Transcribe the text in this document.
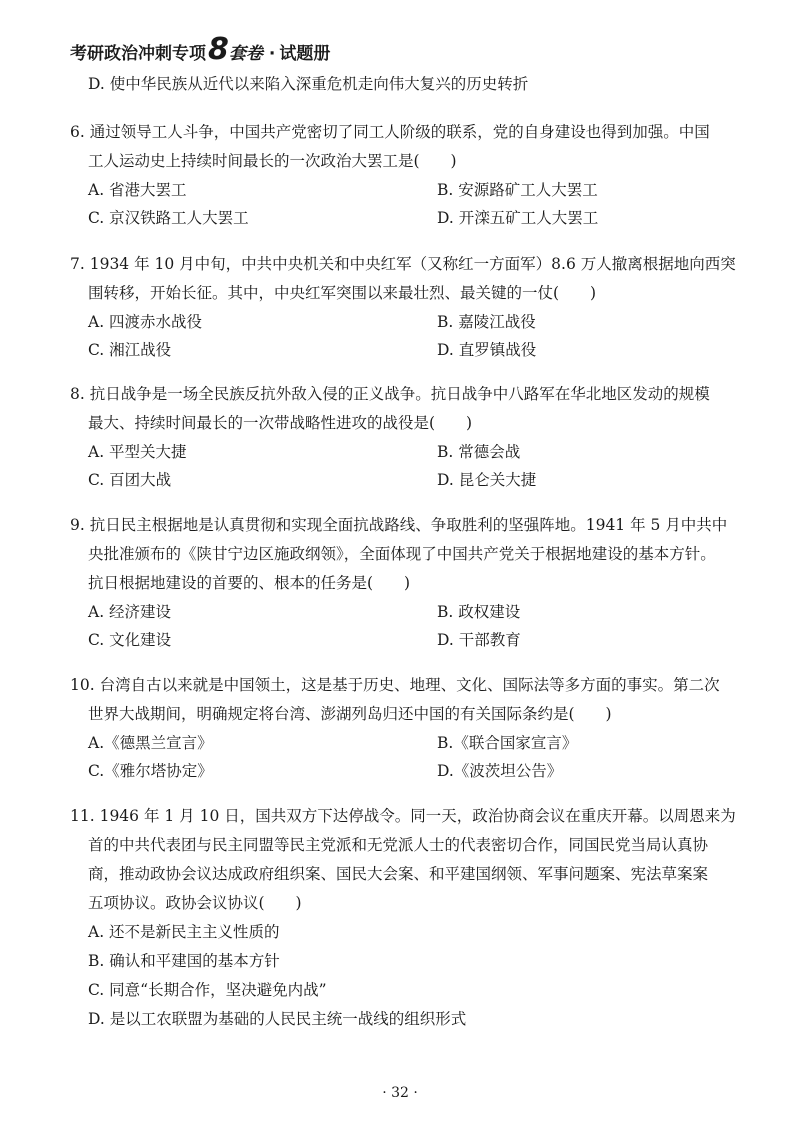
考研政治冲刺专项 8 套卷 · 试题册
D. 使中华民族从近代以来陷入深重危机走向伟大复兴的历史转折
6. 通过领导工人斗争，中国共产党密切了同工人阶级的联系，党的自身建设也得到加强。中国
工人运动史上持续时间最长的一次政治大罢工是(　　)
A. 省港大罢工	B. 安源路矿工人大罢工
C. 京汉铁路工人大罢工	D. 开滦五矿工人大罢工
7. 1934 年 10 月中旬，中共中央机关和中央红军（又称红一方面军）8.6 万人撤离根据地向西突
围转移，开始长征。其中，中央红军突围以来最壮烈、最关键的一仗(　　)
A. 四渡赤水战役	B. 嘉陵江战役
C. 湘江战役	D. 直罗镇战役
8. 抗日战争是一场全民族反抗外敌入侵的正义战争。抗日战争中八路军在华北地区发动的规模
最大、持续时间最长的一次带战略性进攻的战役是(　　)
A. 平型关大捷	B. 常德会战
C. 百团大战	D. 昆仑关大捷
9. 抗日民主根据地是认真贯彻和实现全面抗战路线、争取胜利的坚强阵地。1941 年 5 月中共中
央批准颁布的《陕甘宁边区施政纲领》，全面体现了中国共产党关于根据地建设的基本方针。
抗日根据地建设的首要的、根本的任务是(　　)
A. 经济建设	B. 政权建设
C. 文化建设	D. 干部教育
10. 台湾自古以来就是中国领土，这是基于历史、地理、文化、国际法等多方面的事实。第二次
世界大战期间，明确规定将台湾、澎湖列岛归还中国的有关国际条约是(　　)
A.《德黑兰宣言》	B.《联合国家宣言》
C.《雅尔塔协定》	D.《波茨坦公告》
11. 1946 年 1 月 10 日，国共双方下达停战令。同一天，政治协商会议在重庆开幕。以周恩来为
首的中共代表团与民主同盟等民主党派和无党派人士的代表密切合作，同国民党当局认真协
商，推动政协会议达成政府组织案、国民大会案、和平建国纲领、军事问题案、宪法草案案
五项协议。政协会议协议(　　)
A. 还不是新民主主义性质的
B. 确认和平建国的基本方针
C. 同意“长期合作，坚决避免内战”
D. 是以工农联盟为基础的人民民主统一战线的组织形式
· 32 ·
